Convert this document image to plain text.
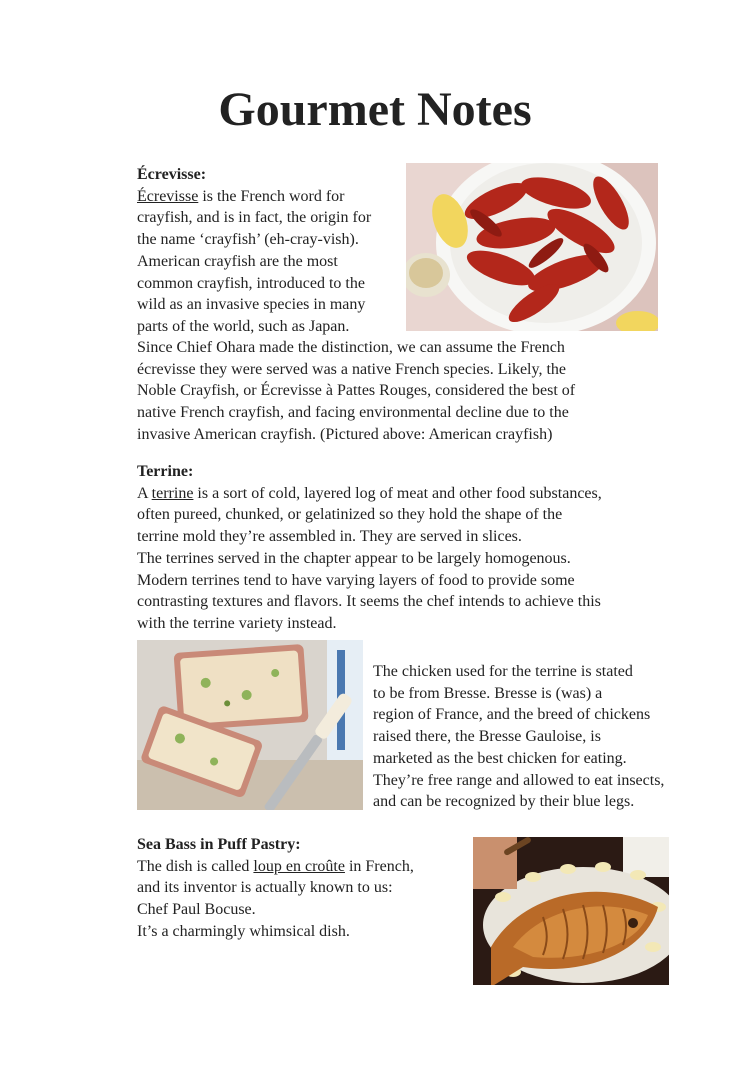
Gourmet Notes

Écrevisse:

Écrevisse is the French word for

crayfish, and is in fact, the origin for

the name ‘crayfish’ (eh-cray-vish).

American crayfish are the most

common crayfish, introduced to the

wild as an invasive species in many

parts of the world, such as Japan.

Since Chief Ohara made the distinction, we can assume the French

écrevisse they were served was a native French species. Likely, the

Noble Crayfish, or Écrevisse à Pattes Rouges, considered the best of

native French crayfish, and facing environmental decline due to the

invasive American crayfish. (Pictured above: American crayfish)

Terrine:

A terrine is a sort of cold, layered log of meat and other food substances,

often pureed, chunked, or gelatinized so they hold the shape of the

terrine mold they’re assembled in. They are served in slices.

The terrines served in the chapter appear to be largely homogenous.

Modern terrines tend to have varying layers of food to provide some

contrasting textures and flavors. It seems the chef intends to achieve this

with the terrine variety instead.

The chicken used for the terrine is stated

to be from Bresse. Bresse is (was) a

region of France, and the breed of chickens

raised there, the Bresse Gauloise, is

marketed as the best chicken for eating.

They’re free range and allowed to eat insects,

and can be recognized by their blue legs.

Sea Bass in Puff Pastry:

The dish is called loup en croûte in French,

and its inventor is actually known to us:

Chef Paul Bocuse.

It’s a charmingly whimsical dish.
